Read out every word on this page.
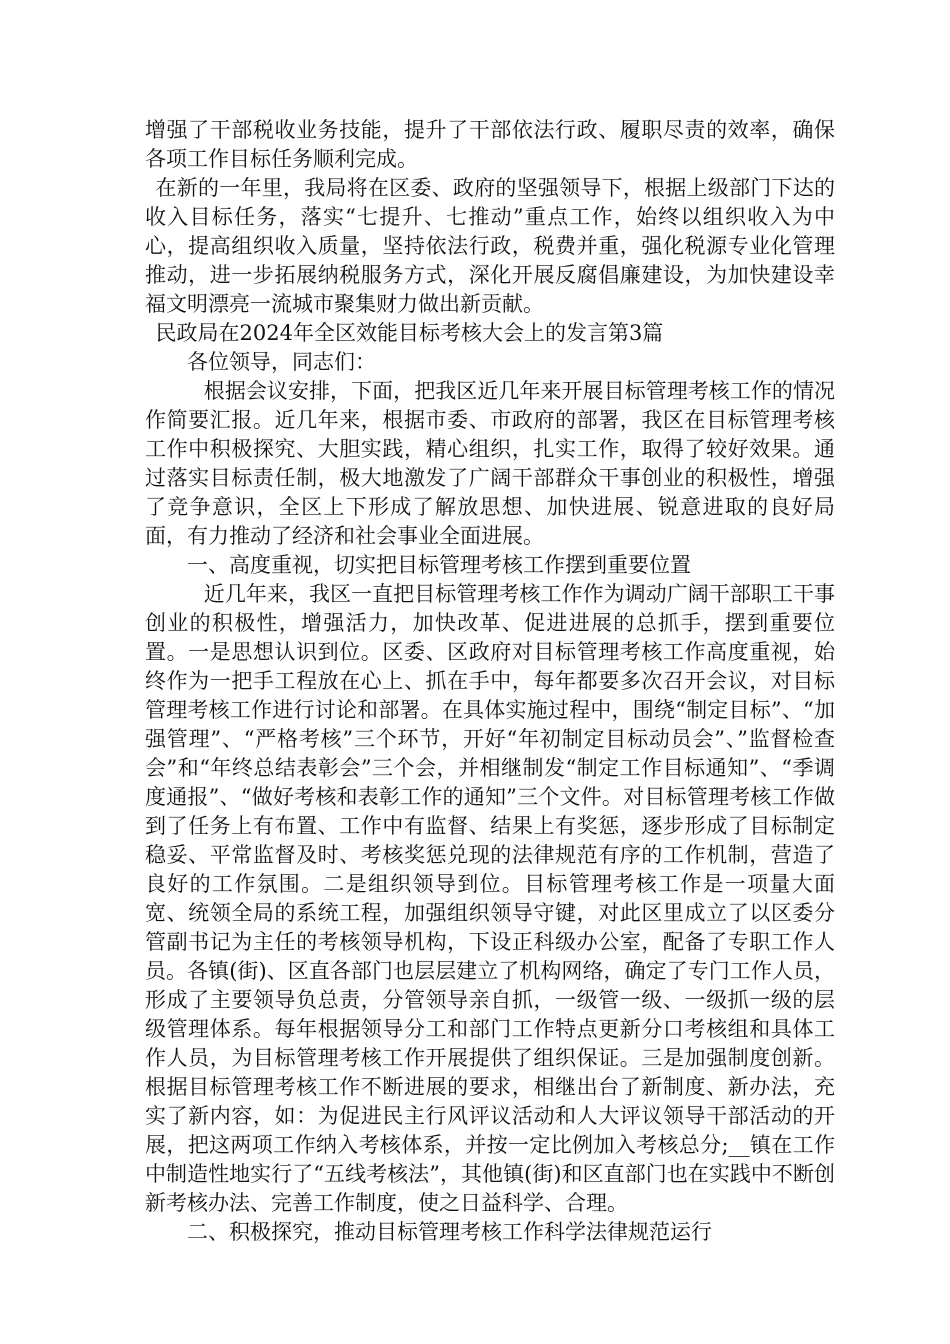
增强了干部税收业务技能，提升了干部依法行政、履职尽责的效率，确保各项工作目标任务顺利完成。

在新的一年里，我局将在区委、政府的坚强领导下，根据上级部门下达的收入目标任务，落实“七提升、七推动”重点工作，始终以组织收入为中心，提高组织收入质量，坚持依法行政，税费并重，强化税源专业化管理推动，进一步拓展纳税服务方式，深化开展反腐倡廉建设，为加快建设幸福文明漂亮一流城市聚集财力做出新贡献。

民政局在2024年全区效能目标考核大会上的发言第3篇

各位领导，同志们：

根据会议安排，下面，把我区近几年来开展目标管理考核工作的情况作简要汇报。近几年来，根据市委、市政府的部署，我区在目标管理考核工作中积极探究、大胆实践，精心组织，扎实工作，取得了较好效果。通过落实目标责任制，极大地激发了广阔干部群众干事创业的积极性，增强了竞争意识，全区上下形成了解放思想、加快进展、锐意进取的良好局面，有力推动了经济和社会事业全面进展。

一、高度重视，切实把目标管理考核工作摆到重要位置

近几年来，我区一直把目标管理考核工作作为调动广阔干部职工干事创业的积极性，增强活力，加快改革、促进进展的总抓手，摆到重要位置。一是思想认识到位。区委、区政府对目标管理考核工作高度重视，始终作为一把手工程放在心上、抓在手中，每年都要多次召开会议，对目标管理考核工作进行讨论和部署。在具体实施过程中，围绕“制定目标”、“加强管理”、“严格考核”三个环节，开好“年初制定目标动员会”、”监督检查会”和“年终总结表彰会”三个会，并相继制发“制定工作目标通知”、“季调度通报”、“做好考核和表彰工作的通知”三个文件。对目标管理考核工作做到了任务上有布置、工作中有监督、结果上有奖惩，逐步形成了目标制定稳妥、平常监督及时、考核奖惩兑现的法律规范有序的工作机制，营造了良好的工作氛围。二是组织领导到位。目标管理考核工作是一项量大面宽、统领全局的系统工程，加强组织领导守键，对此区里成立了以区委分管副书记为主任的考核领导机构，下设正科级办公室，配备了专职工作人员。各镇(街)、区直各部门也层层建立了机构网络，确定了专门工作人员，形成了主要领导负总责，分管领导亲自抓，一级管一级、一级抓一级的层级管理体系。每年根据领导分工和部门工作特点更新分口考核组和具体工作人员，为目标管理考核工作开展提供了组织保证。三是加强制度创新。根据目标管理考核工作不断进展的要求，相继出台了新制度、新办法，充实了新内容，如：为促进民主行风评议活动和人大评议领导干部活动的开展，把这两项工作纳入考核体系，并按一定比例加入考核总分;__镇在工作中制造性地实行了“五线考核法”，其他镇(街)和区直部门也在实践中不断创新考核办法、完善工作制度，使之日益科学、合理。

二、积极探究，推动目标管理考核工作科学法律规范运行
